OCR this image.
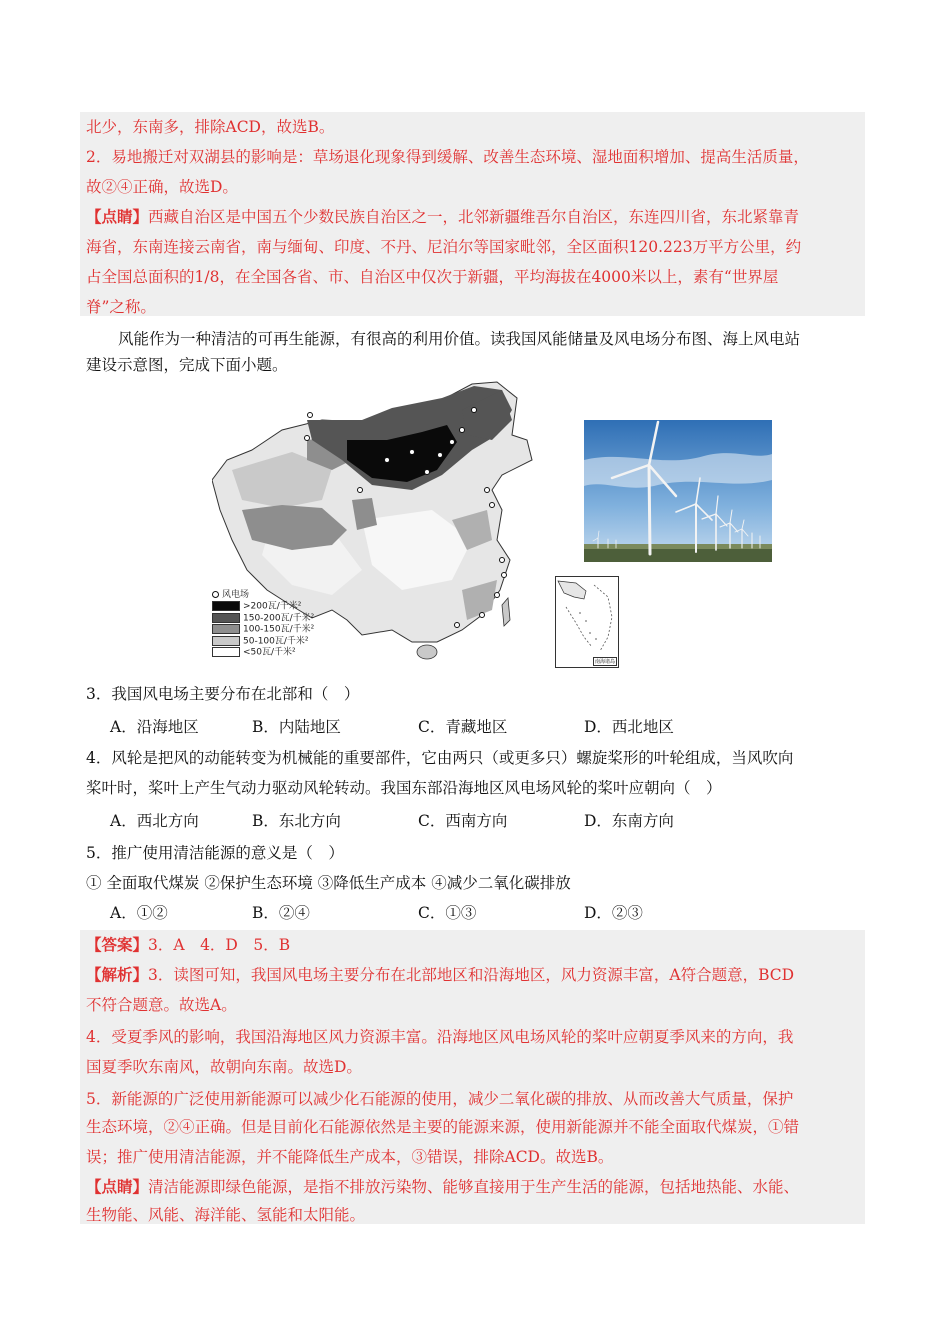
北少，东南多，排除ACD，故选B。
2．易地搬迁对双湖县的影响是：草场退化现象得到缓解、改善生态环境、湿地面积增加、提高生活质量，
故②④正确，故选D。
【点睛】西藏自治区是中国五个少数民族自治区之一，北邻新疆维吾尔自治区，东连四川省，东北紧靠青
海省，东南连接云南省，南与缅甸、印度、不丹、尼泊尔等国家毗邻，全区面积120.223万平方公里，约
占全国总面积的1/8，在全国各省、市、自治区中仅次于新疆，平均海拔在4000米以上，素有“世界屋
脊”之称。
风能作为一种清洁的可再生能源，有很高的利用价值。读我国风能储量及风电场分布图、海上风电站
建设示意图，完成下面小题。
风电场
>200瓦/千米²
150-200瓦/千米²
100-150瓦/千米²
50-100瓦/千米²
<50瓦/千米²
南海诸岛
3．我国风电场主要分布在北部和（　）
A．沿海地区	B．内陆地区	C．青藏地区	D．西北地区
4．风轮是把风的动能转变为机械能的重要部件，它由两只（或更多只）螺旋桨形的叶轮组成，当风吹向
桨叶时，桨叶上产生气动力驱动风轮转动。我国东部沿海地区风电场风轮的桨叶应朝向（　）
A．西北方向	B．东北方向	C．西南方向	D．东南方向
5．推广使用清洁能源的意义是（　）
① 全面取代煤炭 ②保护生态环境 ③降低生产成本 ④减少二氧化碳排放
A．①②	B．②④	C．①③	D．②③
【答案】3．A　4．D　5．B
【解析】3．读图可知，我国风电场主要分布在北部地区和沿海地区，风力资源丰富，A符合题意，BCD
不符合题意。故选A。
4．受夏季风的影响，我国沿海地区风力资源丰富。沿海地区风电场风轮的桨叶应朝夏季风来的方向，我
国夏季吹东南风，故朝向东南。故选D。
5．新能源的广泛使用新能源可以减少化石能源的使用，减少二氧化碳的排放、从而改善大气质量，保护
生态环境，②④正确。但是目前化石能源依然是主要的能源来源，使用新能源并不能全面取代煤炭，①错
误；推广使用清洁能源，并不能降低生产成本，③错误，排除ACD。故选B。
【点睛】清洁能源即绿色能源，是指不排放污染物、能够直接用于生产生活的能源，包括地热能、水能、
生物能、风能、海洋能、氢能和太阳能。
